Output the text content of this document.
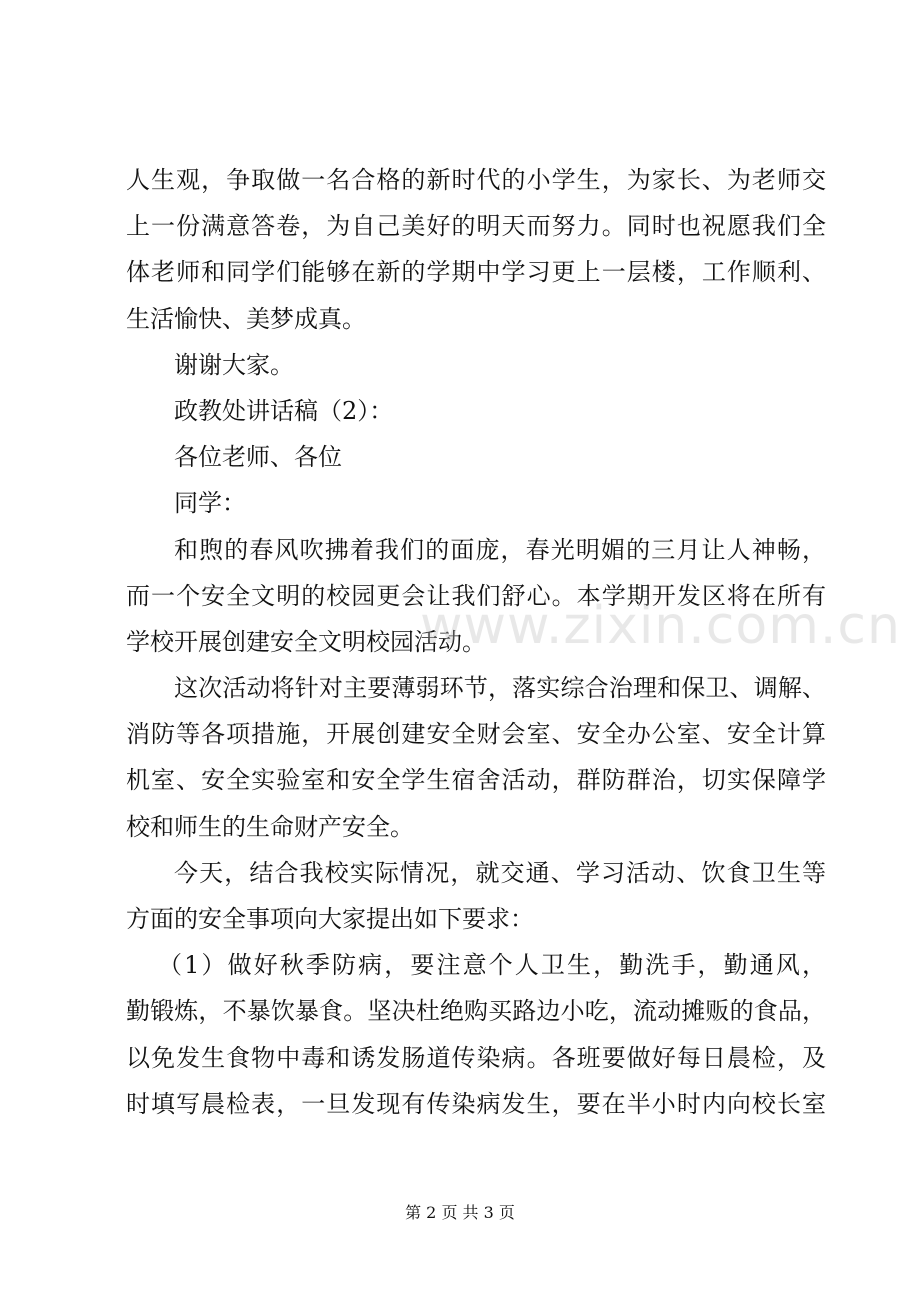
人生观，争取做一名合格的新时代的小学生，为家长、为老师交
上一份满意答卷，为自己美好的明天而努力。同时也祝愿我们全
体老师和同学们能够在新的学期中学习更上一层楼，工作顺利、
生活愉快、美梦成真。
谢谢大家。
政教处讲话稿（2）：
各位老师、各位
同学：
和煦的春风吹拂着我们的面庞，春光明媚的三月让人神畅，
而一个安全文明的校园更会让我们舒心。本学期开发区将在所有
学校开展创建安全文明校园活动。
这次活动将针对主要薄弱环节，落实综合治理和保卫、调解、
消防等各项措施，开展创建安全财会室、安全办公室、安全计算
机室、安全实验室和安全学生宿舍活动，群防群治，切实保障学
校和师生的生命财产安全。
今天，结合我校实际情况，就交通、学习活动、饮食卫生等
方面的安全事项向大家提出如下要求：
（1）做好秋季防病，要注意个人卫生，勤洗手，勤通风，
勤锻炼，不暴饮暴食。坚决杜绝购买路边小吃，流动摊贩的食品，
以免发生食物中毒和诱发肠道传染病。各班要做好每日晨检，及
时填写晨检表，一旦发现有传染病发生，要在半小时内向校长室
www.zixin.com.cn
第 2 页 共 3 页
